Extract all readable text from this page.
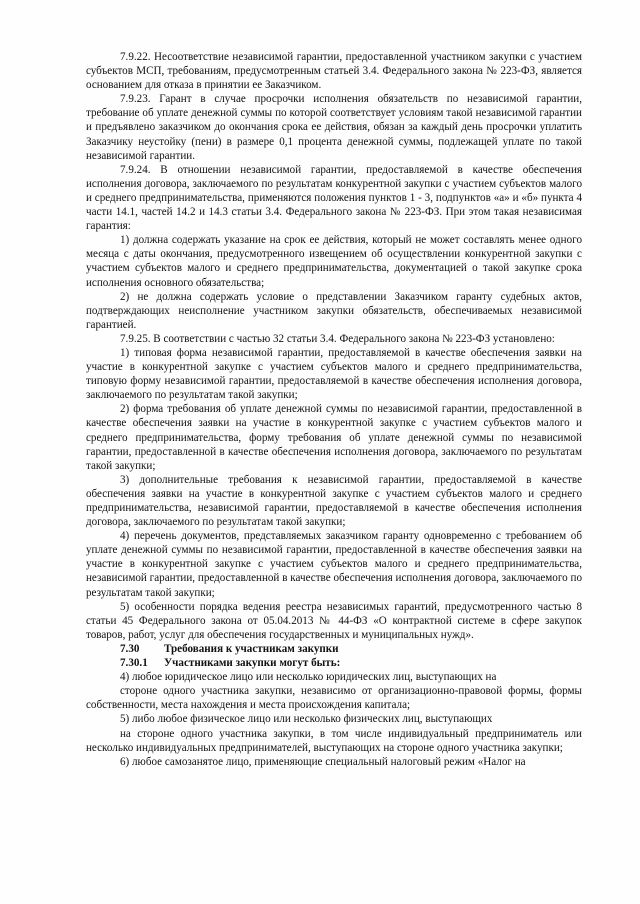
7.9.22. Несоответствие независимой гарантии, предоставленной участником закупки с участием субъектов МСП, требованиям, предусмотренным статьей 3.4. Федерального закона № 223-ФЗ, является основанием для отказа в принятии ее Заказчиком.

7.9.23. Гарант в случае просрочки исполнения обязательств по независимой гарантии, требование об уплате денежной суммы по которой соответствует условиям такой независимой гарантии и предъявлено заказчиком до окончания срока ее действия, обязан за каждый день просрочки уплатить Заказчику неустойку (пени) в размере 0,1 процента денежной суммы, подлежащей уплате по такой независимой гарантии.

7.9.24. В отношении независимой гарантии, предоставляемой в качестве обеспечения исполнения договора, заключаемого по результатам конкурентной закупки с участием субъектов малого и среднего предпринимательства, применяются положения пунктов 1 - 3, подпунктов «а» и «б» пункта 4 части 14.1, частей 14.2 и 14.3 статьи 3.4. Федерального закона № 223-ФЗ. При этом такая независимая гарантия:

1) должна содержать указание на срок ее действия, который не может составлять менее одного месяца с даты окончания, предусмотренного извещением об осуществлении конкурентной закупки с участием субъектов малого и среднего предпринимательства, документацией о такой закупке срока исполнения основного обязательства;

2) не должна содержать условие о представлении Заказчиком гаранту судебных актов, подтверждающих неисполнение участником закупки обязательств, обеспечиваемых независимой гарантией.

7.9.25. В соответствии с частью 32 статьи 3.4. Федерального закона № 223-ФЗ установлено:

1) типовая форма независимой гарантии, предоставляемой в качестве обеспечения заявки на участие в конкурентной закупке с участием субъектов малого и среднего предпринимательства, типовую форму независимой гарантии, предоставляемой в качестве обеспечения исполнения договора, заключаемого по результатам такой закупки;

2) форма требования об уплате денежной суммы по независимой гарантии, предоставленной в качестве обеспечения заявки на участие в конкурентной закупке с участием субъектов малого и среднего предпринимательства, форму требования об уплате денежной суммы по независимой гарантии, предоставленной в качестве обеспечения исполнения договора, заключаемого по результатам такой закупки;

3) дополнительные требования к независимой гарантии, предоставляемой в качестве обеспечения заявки на участие в конкурентной закупке с участием субъектов малого и среднего предпринимательства, независимой гарантии, предоставляемой в качестве обеспечения исполнения договора, заключаемого по результатам такой закупки;

4) перечень документов, представляемых заказчиком гаранту одновременно с требованием об уплате денежной суммы по независимой гарантии, предоставленной в качестве обеспечения заявки на участие в конкурентной закупке с участием субъектов малого и среднего предпринимательства, независимой гарантии, предоставленной в качестве обеспечения исполнения договора, заключаемого по результатам такой закупки;

5) особенности порядка ведения реестра независимых гарантий, предусмотренного частью 8 статьи 45 Федерального закона от 05.04.2013 № 44-ФЗ «О контрактной системе в сфере закупок товаров, работ, услуг для обеспечения государственных и муниципальных нужд».

7.30 Требования к участникам закупки

7.30.1 Участниками закупки могут быть:

4) любое юридическое лицо или несколько юридических лиц, выступающих на

стороне одного участника закупки, независимо от организационно-правовой формы, формы собственности, места нахождения и места происхождения капитала;

5) либо любое физическое лицо или несколько физических лиц, выступающих

на стороне одного участника закупки, в том числе индивидуальный предприниматель или несколько индивидуальных предпринимателей, выступающих на стороне одного участника закупки;

6) любое самозанятое лицо, применяющие специальный налоговый режим «Налог на
